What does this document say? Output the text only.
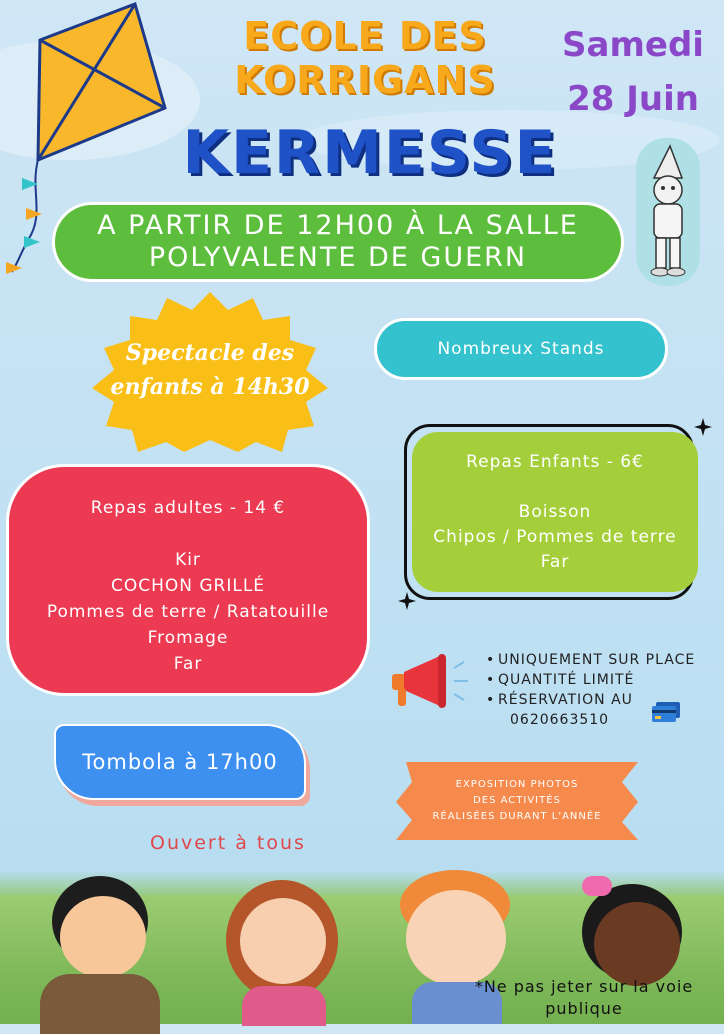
ECOLE DES
KORRIGANS
Samedi
28 Juin
KERMESSE
A PARTIR DE 12H00 À LA SALLE
POLYVALENTE DE GUERN
Spectacle des
enfants à 14h30
Nombreux Stands
Repas Enfants - 6€
Boisson
Chipos / Pommes de terre
Far
Repas adultes - 14 €
Kir
COCHON GRILLÉ
Pommes de terre / Ratatouille
Fromage
Far
•	UNIQUEMENT SUR PLACE
• QUANTITÉ LIMITÉ
• RÉSERVATION AU
0620663510
Tombola à 17h00
EXPOSITION PHOTOS
DES ACTIVITÉS
RÉALISÉES DURANT L'ANNÉE
Ouvert à tous
*Ne pas jeter sur la voie
publique
